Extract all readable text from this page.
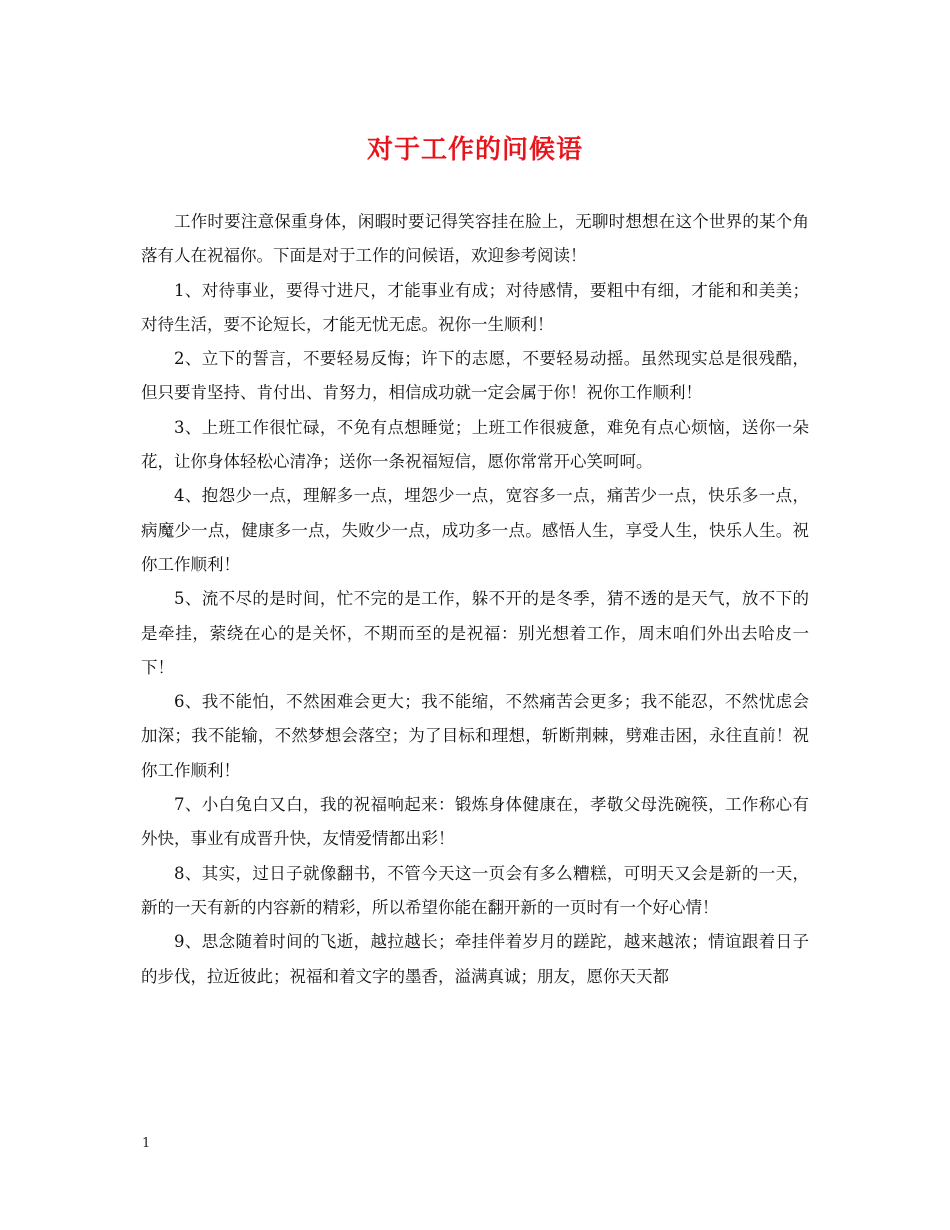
对于工作的问候语

工作时要注意保重身体，闲暇时要记得笑容挂在脸上，无聊时想想在这个世界的某个角落有人在祝福你。下面是对于工作的问候语，欢迎参考阅读！

1、对待事业，要得寸进尺，才能事业有成；对待感情，要粗中有细，才能和和美美；对待生活，要不论短长，才能无忧无虑。祝你一生顺利！

2、立下的誓言，不要轻易反悔；许下的志愿，不要轻易动摇。虽然现实总是很残酷，但只要肯坚持、肯付出、肯努力，相信成功就一定会属于你！祝你工作顺利！

3、上班工作很忙碌，不免有点想睡觉；上班工作很疲惫，难免有点心烦恼，送你一朵花，让你身体轻松心清净；送你一条祝福短信，愿你常常开心笑呵呵。

4、抱怨少一点，理解多一点，埋怨少一点，宽容多一点，痛苦少一点，快乐多一点，病魔少一点，健康多一点，失败少一点，成功多一点。感悟人生，享受人生，快乐人生。祝你工作顺利！

5、流不尽的是时间，忙不完的是工作，躲不开的是冬季，猜不透的是天气，放不下的是牵挂，萦绕在心的是关怀，不期而至的是祝福：别光想着工作，周末咱们外出去哈皮一下！

6、我不能怕，不然困难会更大；我不能缩，不然痛苦会更多；我不能忍，不然忧虑会加深；我不能输，不然梦想会落空；为了目标和理想，斩断荆棘，劈难击困，永往直前！祝你工作顺利！

7、小白兔白又白，我的祝福响起来：锻炼身体健康在，孝敬父母洗碗筷，工作称心有外快，事业有成晋升快，友情爱情都出彩！

8、其实，过日子就像翻书，不管今天这一页会有多么糟糕，可明天又会是新的一天，新的一天有新的内容新的精彩，所以希望你能在翻开新的一页时有一个好心情！

9、思念随着时间的飞逝，越拉越长；牵挂伴着岁月的蹉跎，越来越浓；情谊跟着日子的步伐，拉近彼此；祝福和着文字的墨香，溢满真诚；朋友，愿你天天都

1
